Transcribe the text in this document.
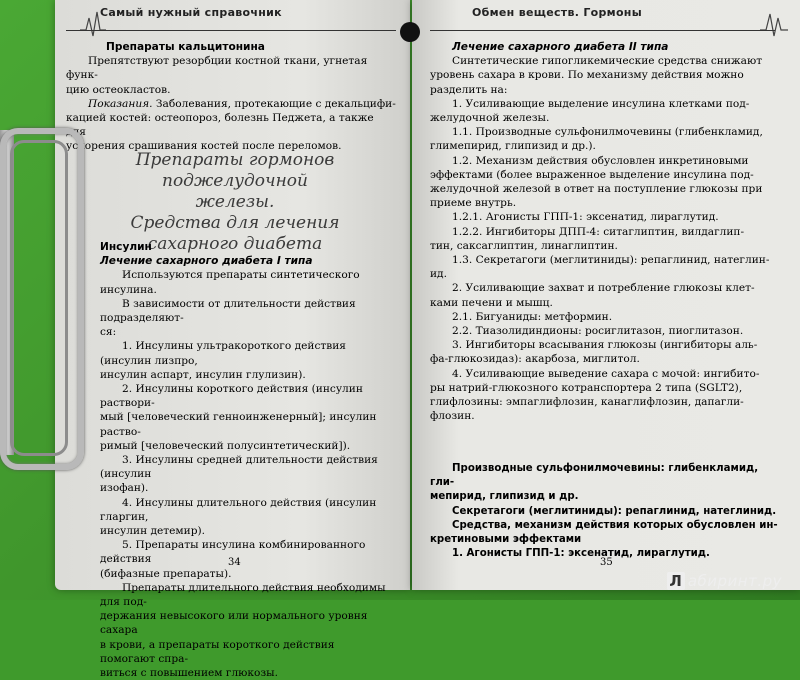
Самый нужный справочник	Обмен веществ. Гормоны

Препараты кальцитонина

Препятствуют резорбции костной ткани, угнетая функ-

цию остеокластов.

Показания. Заболевания, протекающие с декальцифи-

кацией костей: остеопороз, болезнь Педжета, а также для

ускорения срашивания костей после переломов.

Препараты гормонов
поджелудочной железы.
Средства для лечения
сахарного диабета

Инсулин

Лечение сахарного диабета I типа

Используются препараты синтетического инсулина.

В зависимости от длительности действия подразделяют-

ся:

1. Инсулины ультракороткого действия (инсулин лизпро,

инсулин аспарт, инсулин глулизин).

2. Инсулины короткого действия (инсулин раствори-

мый [человеческий генноинженерный]; инсулин раство-

римый [человеческий полусинтетический]).

3. Инсулины средней длительности действия (инсулин

изофан).

4. Инсулины длительного действия (инсулин гларгин,

инсулин детемир).

5. Препараты инсулина комбинированного действия

(бифазные препараты).

Препараты длительного действия необходимы для под-

держания невысокого или нормального уровня сахара

в крови, а препараты короткого действия помогают спра-

виться с повышением глюкозы.

34

Лечение сахарного диабета II типа

Синтетические гипогликемические средства снижают

уровень сахара в крови. По механизму действия можно

разделить на:

1. Усиливающие выделение инсулина клетками под-

желудочной железы.

1.1. Производные сульфонилмочевины (глибенкламид,

глимепирид, глипизид и др.).

1.2. Механизм действия обусловлен инкретиновыми

эффектами (более выраженное выделение инсулина под-

желудочной железой в ответ на поступление глюкозы при

приеме внутрь.

1.2.1. Агонисты ГПП-1: эксенатид, лираглутид.

1.2.2. Ингибиторы ДПП-4: ситаглиптин, вилдаглип-

тин, саксаглиптин, линаглиптин.

1.3. Секретагоги (меглитиниды): репаглинид, натеглин-

ид.

2. Усиливающие захват и потребление глюкозы клет-

ками печени и мышц.

2.1. Бигуаниды: метформин.

2.2. Тиазолидиндионы: росиглитазон, пиоглитазон.

3. Ингибиторы всасывания глюкозы (ингибиторы аль-

фа-глюкозидаз): акарбоза, миглитол.

4. Усиливающие выведение сахара с мочой: ингибито-

ры натрий-глюкозного котранспортера 2 типа (SGLT2),

глифлозины: эмпаглифлозин, канаглифлозин, дапагли-

флозин.

Производные сульфонилмочевины: глибенкламид, гли-

мепирид, глипизид и др.

Секретагоги (меглитиниды): репаглинид, натеглинид.

Средства, механизм действия которых обусловлен ин-

кретиновыми эффектами

1. Агонисты ГПП-1: эксенатид, лираглутид.

35
Л абиринт.ру
